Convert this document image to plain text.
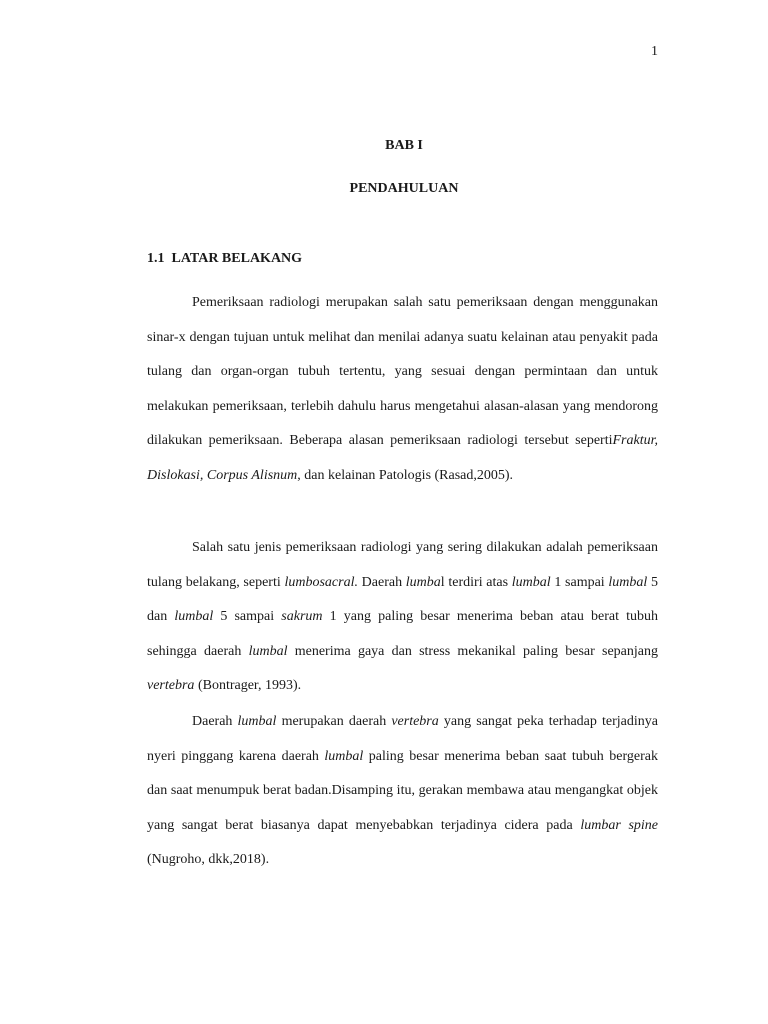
1
BAB I
PENDAHULUAN
1.1 LATAR BELAKANG

Pemeriksaan radiologi merupakan salah satu pemeriksaan dengan menggunakan sinar-x dengan tujuan untuk melihat dan menilai adanya suatu kelainan atau penyakit pada tulang dan organ-organ tubuh tertentu, yang sesuai dengan permintaan dan untuk melakukan pemeriksaan, terlebih dahulu harus mengetahui alasan-alasan yang mendorong dilakukan pemeriksaan. Beberapa alasan pemeriksaan radiologi tersebut sepertiFraktur, Dislokasi, Corpus Alisnum, dan kelainan Patologis (Rasad,2005).

Salah satu jenis pemeriksaan radiologi yang sering dilakukan adalah pemeriksaan tulang belakang, seperti lumbosacral. Daerah lumbal terdiri atas lumbal 1 sampai lumbal 5 dan lumbal 5 sampai sakrum 1 yang paling besar menerima beban atau berat tubuh sehingga daerah lumbal menerima gaya dan stress mekanikal paling besar sepanjang vertebra (Bontrager, 1993).

Daerah lumbal merupakan daerah vertebra yang sangat peka terhadap terjadinya nyeri pinggang karena daerah lumbal paling besar menerima beban saat tubuh bergerak dan saat menumpuk berat badan.Disamping itu, gerakan membawa atau mengangkat objek yang sangat berat biasanya dapat menyebabkan terjadinya cidera pada lumbar spine (Nugroho, dkk,2018).
